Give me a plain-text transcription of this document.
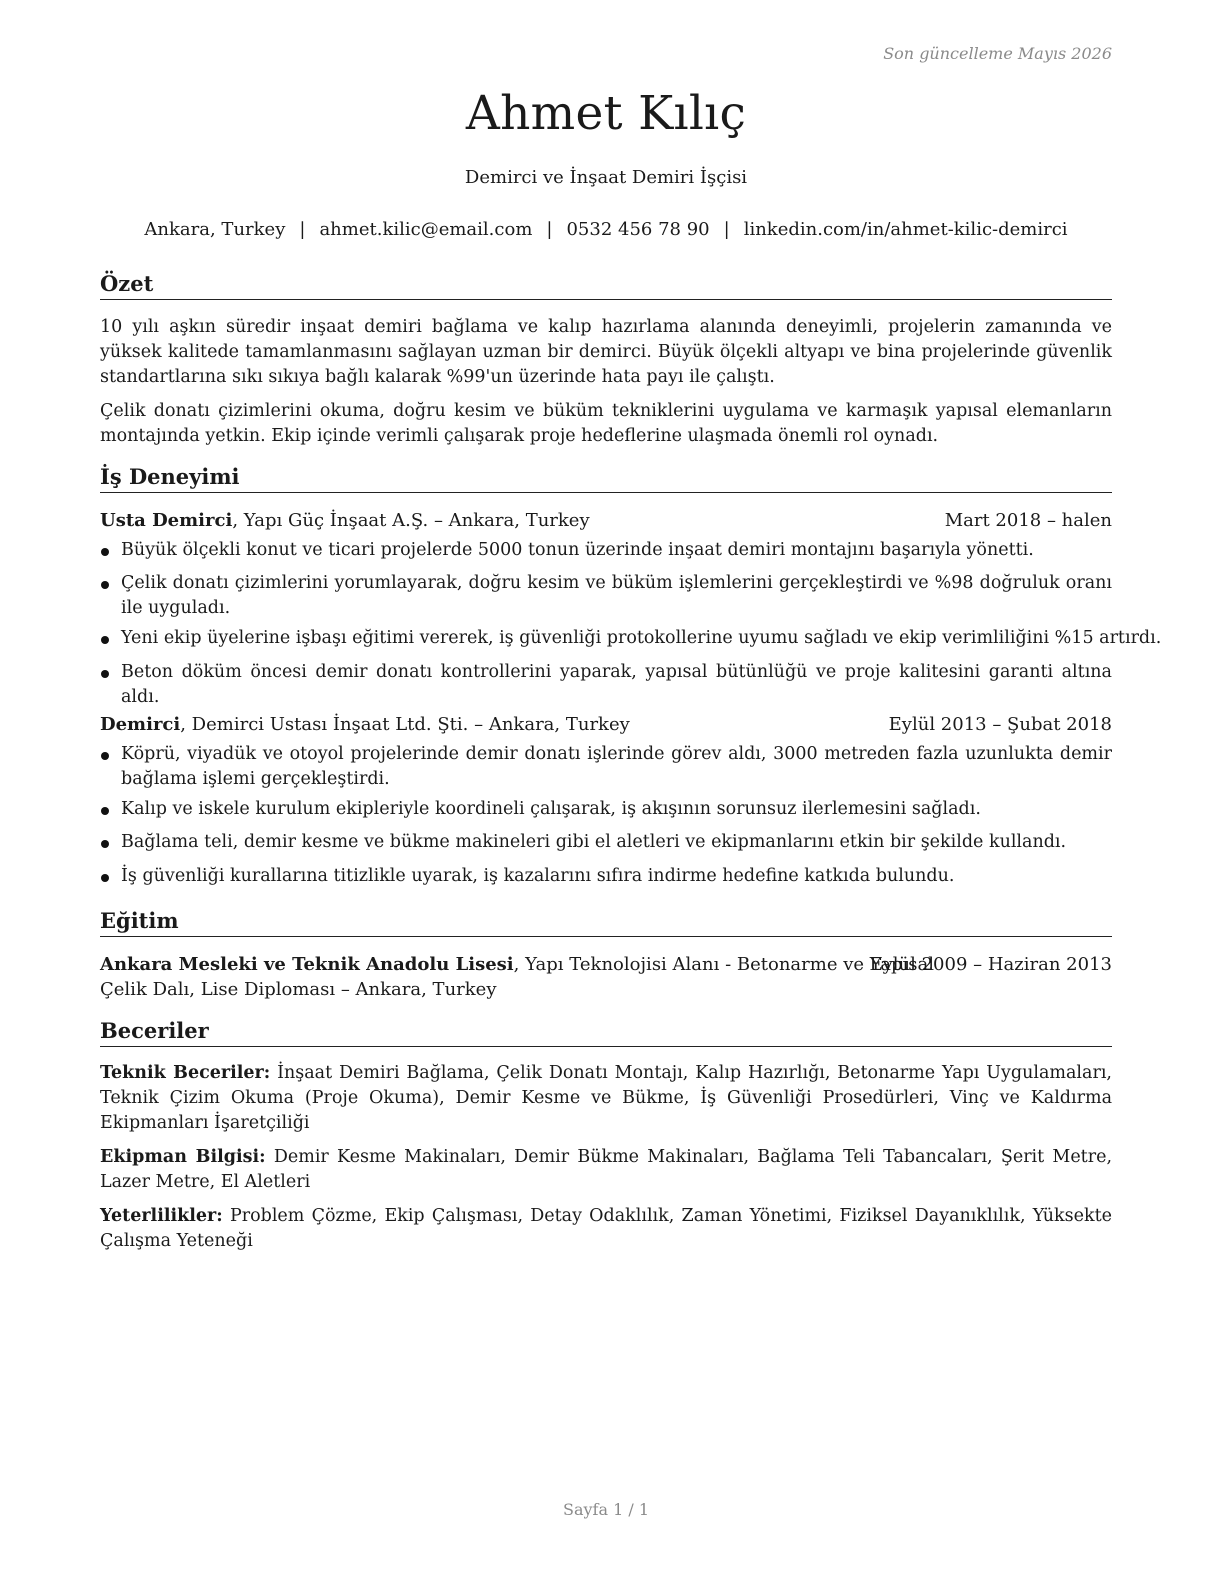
Son güncelleme Mayıs 2026
Ahmet Kılıç
Demirci ve İnşaat Demiri İşçisi
Ankara, Turkey | ahmet.kilic@email.com | 0532 456 78 90 | linkedin.com/in/ahmet-kilic-demirci
Özet

10 yılı aşkın süredir inşaat demiri bağlama ve kalıp hazırlama alanında deneyimli, projelerin zamanında ve yüksek kalitede tamamlanmasını sağlayan uzman bir demirci. Büyük ölçekli altyapı ve bina projelerinde güvenlik standartlarına sıkı sıkıya bağlı kalarak %99'un üzerinde hata payı ile çalıştı.

Çelik donatı çizimlerini okuma, doğru kesim ve büküm tekniklerini uygulama ve karmaşık yapısal elemanların montajında yetkin. Ekip içinde verimli çalışarak proje hedeflerine ulaşmada önemli rol oynadı.

İş Deneyimi
Usta Demirci, Yapı Güç İnşaat A.Ş. – Ankara, Turkey	Mart 2018 – halen
Büyük ölçekli konut ve ticari projelerde 5000 tonun üzerinde inşaat demiri montajını başarıyla yönetti.
Çelik donatı çizimlerini yorumlayarak, doğru kesim ve büküm işlemlerini gerçekleştirdi ve %98 doğruluk oranı ile uyguladı.
Yeni ekip üyelerine işbaşı eğitimi vererek, iş güvenliği protokollerine uyumu sağladı ve ekip verimliliğini %15 artırdı.
Beton döküm öncesi demir donatı kontrollerini yaparak, yapısal bütünlüğü ve proje kalitesini garanti altına aldı.
Demirci, Demirci Ustası İnşaat Ltd. Şti. – Ankara, Turkey	Eylül 2013 – Şubat 2018
Köprü, viyadük ve otoyol projelerinde demir donatı işlerinde görev aldı, 3000 metreden fazla uzunlukta demir bağlama işlemi gerçekleştirdi.
Kalıp ve iskele kurulum ekipleriyle koordineli çalışarak, iş akışının sorunsuz ilerlemesini sağladı.
Bağlama teli, demir kesme ve bükme makineleri gibi el aletleri ve ekipmanlarını etkin bir şekilde kullandı.
İş güvenliği kurallarına titizlikle uyarak, iş kazalarını sıfıra indirme hedefine katkıda bulundu.
Eğitim
Ankara Mesleki ve Teknik Anadolu Lisesi, Yapı Teknolojisi Alanı - Betonarme ve Yapısal
Eylül 2009 – Haziran 2013
Çelik Dalı, Lise Diploması – Ankara, Turkey
Beceriler

Teknik Beceriler: İnşaat Demiri Bağlama, Çelik Donatı Montajı, Kalıp Hazırlığı, Betonarme Yapı Uygulamaları, Teknik Çizim Okuma (Proje Okuma), Demir Kesme ve Bükme, İş Güvenliği Prosedürleri, Vinç ve Kaldırma Ekipmanları İşaretçiliği

Ekipman Bilgisi: Demir Kesme Makinaları, Demir Bükme Makinaları, Bağlama Teli Tabancaları, Şerit Metre, Lazer Metre, El Aletleri

Yeterlilikler: Problem Çözme, Ekip Çalışması, Detay Odaklılık, Zaman Yönetimi, Fiziksel Dayanıklılık, Yüksekte Çalışma Yeteneği

Sayfa 1 / 1
